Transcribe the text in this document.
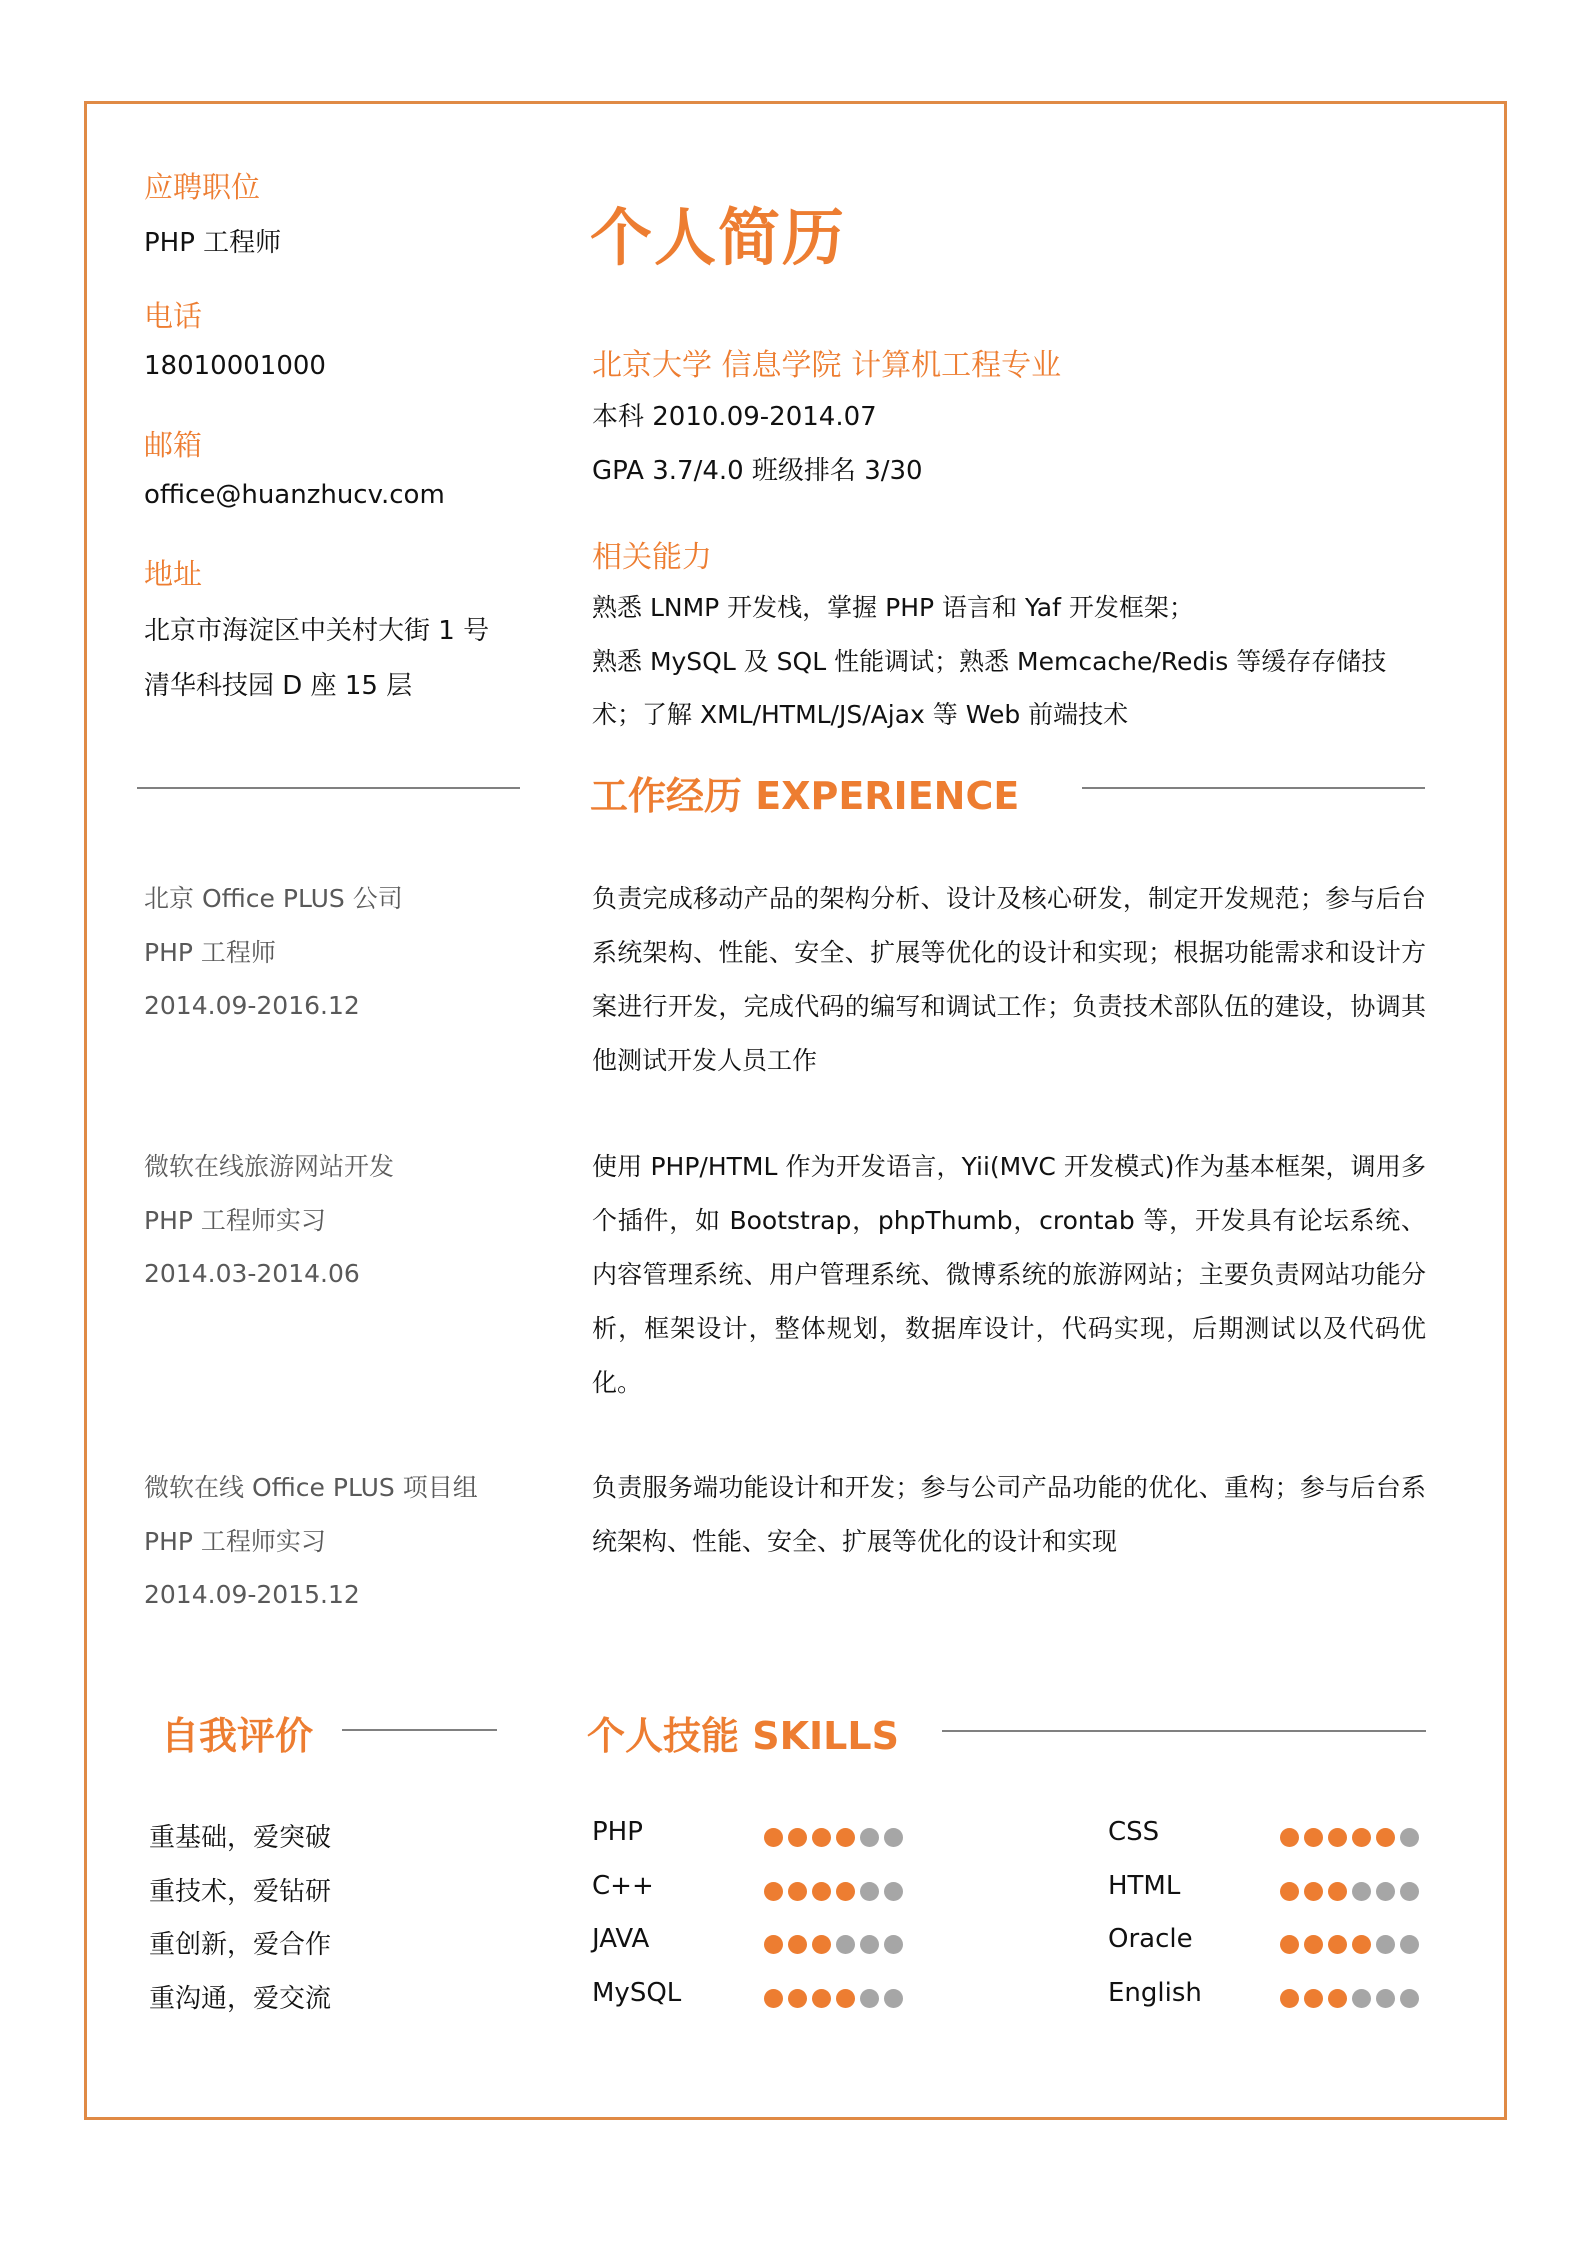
应聘职位
PHP 工程师
电话
18010001000
邮箱
office@huanzhucv.com
地址
北京市海淀区中关村大街 1 号
清华科技园 D 座 15 层
个人简历
北京大学 信息学院 计算机工程专业
本科 2010.09-2014.07
GPA 3.7/4.0 班级排名 3/30
相关能力
熟悉 LNMP 开发栈，掌握 PHP 语言和 Yaf 开发框架；
熟悉 MySQL 及 SQL 性能调试；熟悉 Memcache/Redis 等缓存存储技
术；了解 XML/HTML/JS/Ajax 等 Web 前端技术
工作经历 EXPERIENCE
北京 Office PLUS 公司
PHP 工程师
2014.09-2016.12
负责完成移动产品的架构分析、设计及核心研发，制定开发规范；参与后台系统架构、性能、安全、扩展等优化的设计和实现；根据功能需求和设计方案进行开发，完成代码的编写和调试工作；负责技术部队伍的建设，协调其他测试开发人员工作
微软在线旅游网站开发
PHP 工程师实习
2014.03-2014.06
使用 PHP/HTML 作为开发语言，Yii(MVC 开发模式)作为基本框架，调用多个插件，如 Bootstrap，phpThumb，crontab 等，开发具有论坛系统、内容管理系统、用户管理系统、微博系统的旅游网站；主要负责网站功能分析，框架设计，整体规划，数据库设计，代码实现，后期测试以及代码优化。
微软在线 Office PLUS 项目组
PHP 工程师实习
2014.09-2015.12
负责服务端功能设计和开发；参与公司产品功能的优化、重构；参与后台系统架构、性能、安全、扩展等优化的设计和实现
自我评价
重基础，爱突破
重技术，爱钻研
重创新，爱合作
重沟通，爱交流
个人技能 SKILLS
PHP
C++
JAVA
MySQL
CSS
HTML
Oracle
English
